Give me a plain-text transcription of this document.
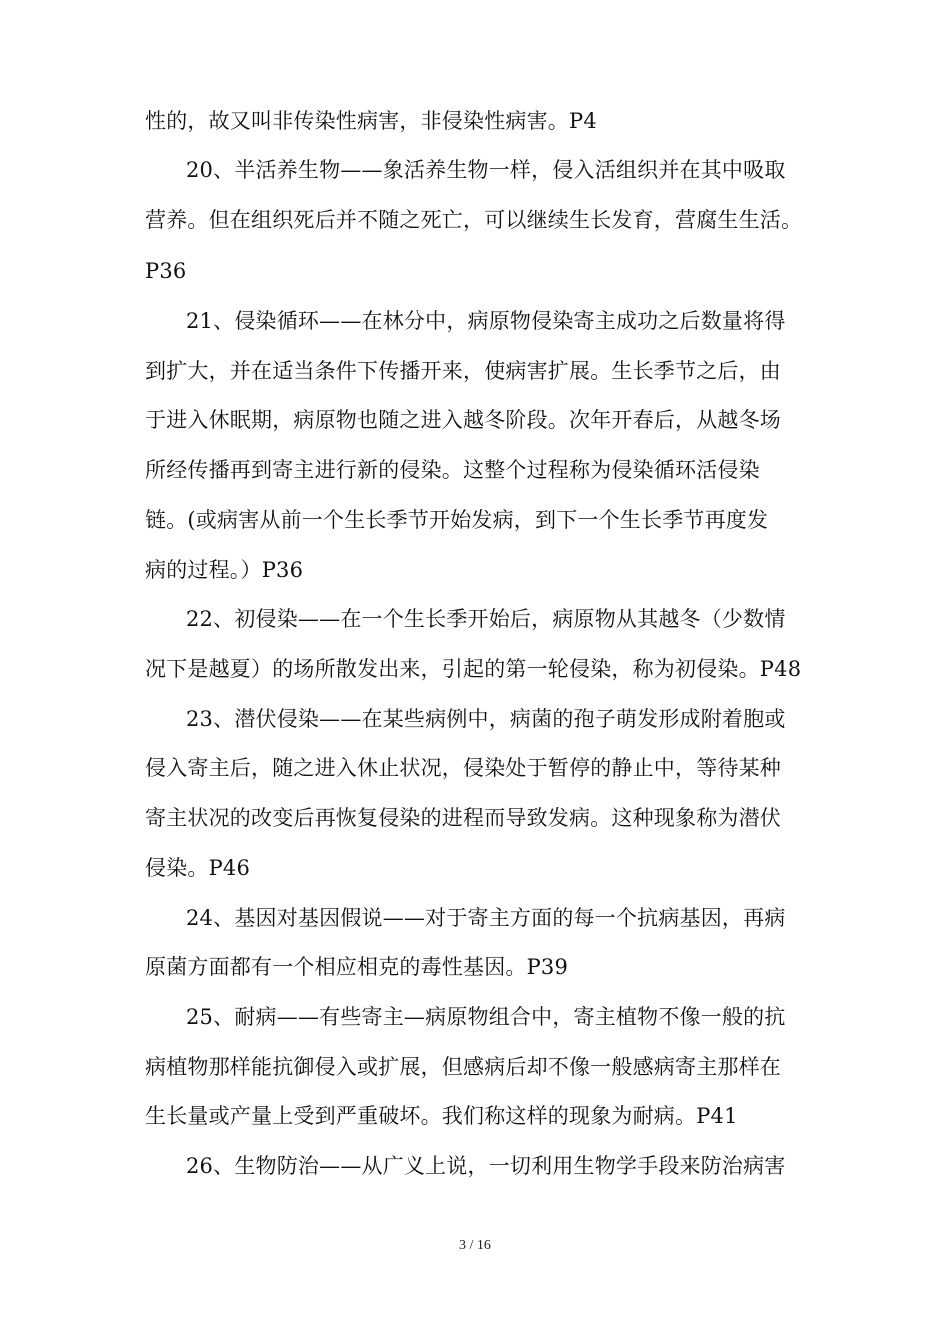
性的，故又叫非传染性病害，非侵染性病害。P4
20、半活养生物——象活养生物一样，侵入活组织并在其中吸取
营养。但在组织死后并不随之死亡，可以继续生长发育，营腐生生活。
P36
21、侵染循环——在林分中，病原物侵染寄主成功之后数量将得
到扩大，并在适当条件下传播开来，使病害扩展。生长季节之后，由
于进入休眠期，病原物也随之进入越冬阶段。次年开春后，从越冬场
所经传播再到寄主进行新的侵染。这整个过程称为侵染循环活侵染
链。(或病害从前一个生长季节开始发病，到下一个生长季节再度发
病的过程。）P36
22、初侵染——在一个生长季开始后，病原物从其越冬（少数情
况下是越夏）的场所散发出来，引起的第一轮侵染，称为初侵染。P48
23、潜伏侵染——在某些病例中，病菌的孢子萌发形成附着胞或
侵入寄主后，随之进入休止状况，侵染处于暂停的静止中，等待某种
寄主状况的改变后再恢复侵染的进程而导致发病。这种现象称为潜伏
侵染。P46
24、基因对基因假说——对于寄主方面的每一个抗病基因，再病
原菌方面都有一个相应相克的毒性基因。P39
25、耐病——有些寄主—病原物组合中，寄主植物不像一般的抗
病植物那样能抗御侵入或扩展，但感病后却不像一般感病寄主那样在
生长量或产量上受到严重破坏。我们称这样的现象为耐病。P41
26、生物防治——从广义上说，一切利用生物学手段来防治病害
3 / 16
